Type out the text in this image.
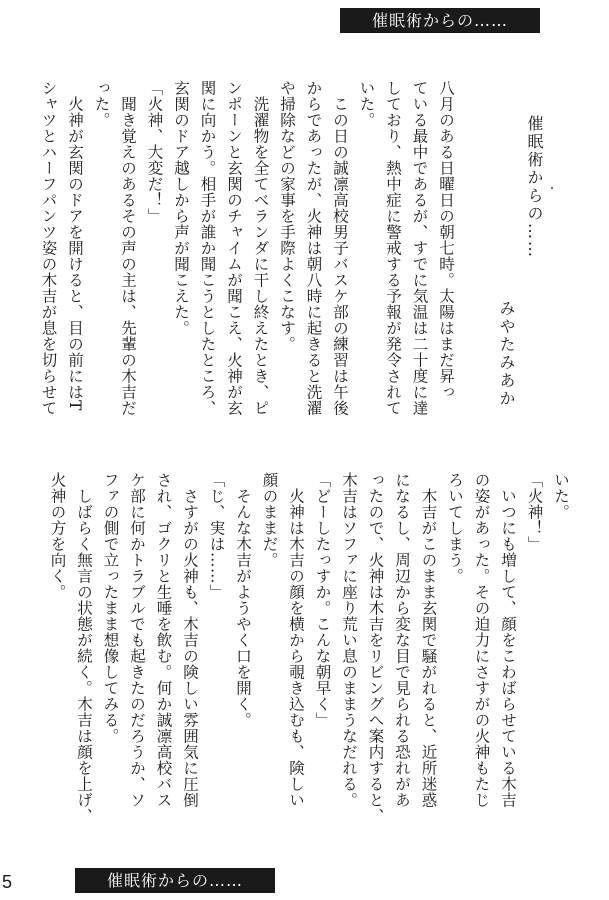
催眠術からの……
催眠術からの……
みやたみあか
八月のある日曜日の朝七時。太陽はまだ昇っ
ている最中であるが、すでに気温は二十度に達
しており、熱中症に警戒する予報が発令されて
いた。
　この日の誠凛高校男子バスケ部の練習は午後
からであったが、火神は朝八時に起きると洗濯
や掃除などの家事を手際よくこなす。
　洗濯物を全てベランダに干し終えたとき、ピ
ンポーンと玄関のチャイムが聞こえ、火神が玄
関に向かう。相手が誰か聞こうとしたところ、
玄関のドア越しから声が聞こえた。
「火神、大変だ！」
　聞き覚えのあるその声の主は、先輩の木吉だ
った。
　火神が玄関のドアを開けると、目の前にはT
シャツとハーフパンツ姿の木吉が息を切らせて
いた。
「火神！」
　いつにも増して、顔をこわばらせている木吉
の姿があった。その迫力にさすがの火神もたじ
ろいてしまう。
　木吉がこのまま玄関で騒がれると、近所迷惑
になるし、周辺から変な目で見られる恐れがあ
ったので、火神は木吉をリビングへ案内すると、
木吉はソファに座り荒い息のままうなだれる。
「どーしたっすか。こんな朝早く」
　火神は木吉の顔を横から覗き込むも、険しい
顔のままだ。
　そんな木吉がようやく口を開く。
「じ、実は……」
　さすがの火神も、木吉の険しい雰囲気に圧倒
され、ゴクリと生唾を飲む。何か誠凛高校バス
ケ部に何かトラブルでも起きたのだろうか、ソ
ファの側で立ったまま想像してみる。
　しばらく無言の状態が続く。木吉は顔を上げ、
火神の方を向く。
5	催眠術からの……
